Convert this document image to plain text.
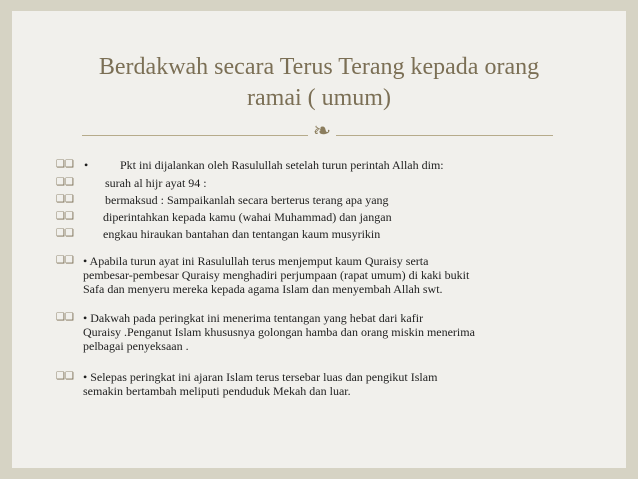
Berdakwah secara Terus Terang kepada orang
ramai ( umum)
❧
❑❑ •	Pkt ini dijalankan oleh Rasulullah setelah turun perintah Allah dim:
❑❑	surah al hijr ayat 94 :
❑❑	bermaksud : Sampaikanlah secara berterus terang apa yang
❑❑ diperintahkan kepada kamu (wahai Muhammad) dan jangan
❑❑ engkau hiraukan bantahan dan tentangan kaum musyrikin
❑❑ • Apabila turun ayat ini Rasulullah terus menjemput kaum Quraisy serta
pembesar-pembesar Quraisy menghadiri perjumpaan (rapat umum) di kaki bukit
Safa dan menyeru mereka kepada agama Islam dan menyembah Allah swt.
❑❑ • Dakwah pada peringkat ini menerima tentangan yang hebat dari kafir
Quraisy .Penganut Islam khususnya golongan hamba dan orang miskin menerima
pelbagai penyeksaan .
❑❑ • Selepas peringkat ini ajaran Islam terus tersebar luas dan pengikut Islam
semakin bertambah meliputi penduduk Mekah dan luar.
